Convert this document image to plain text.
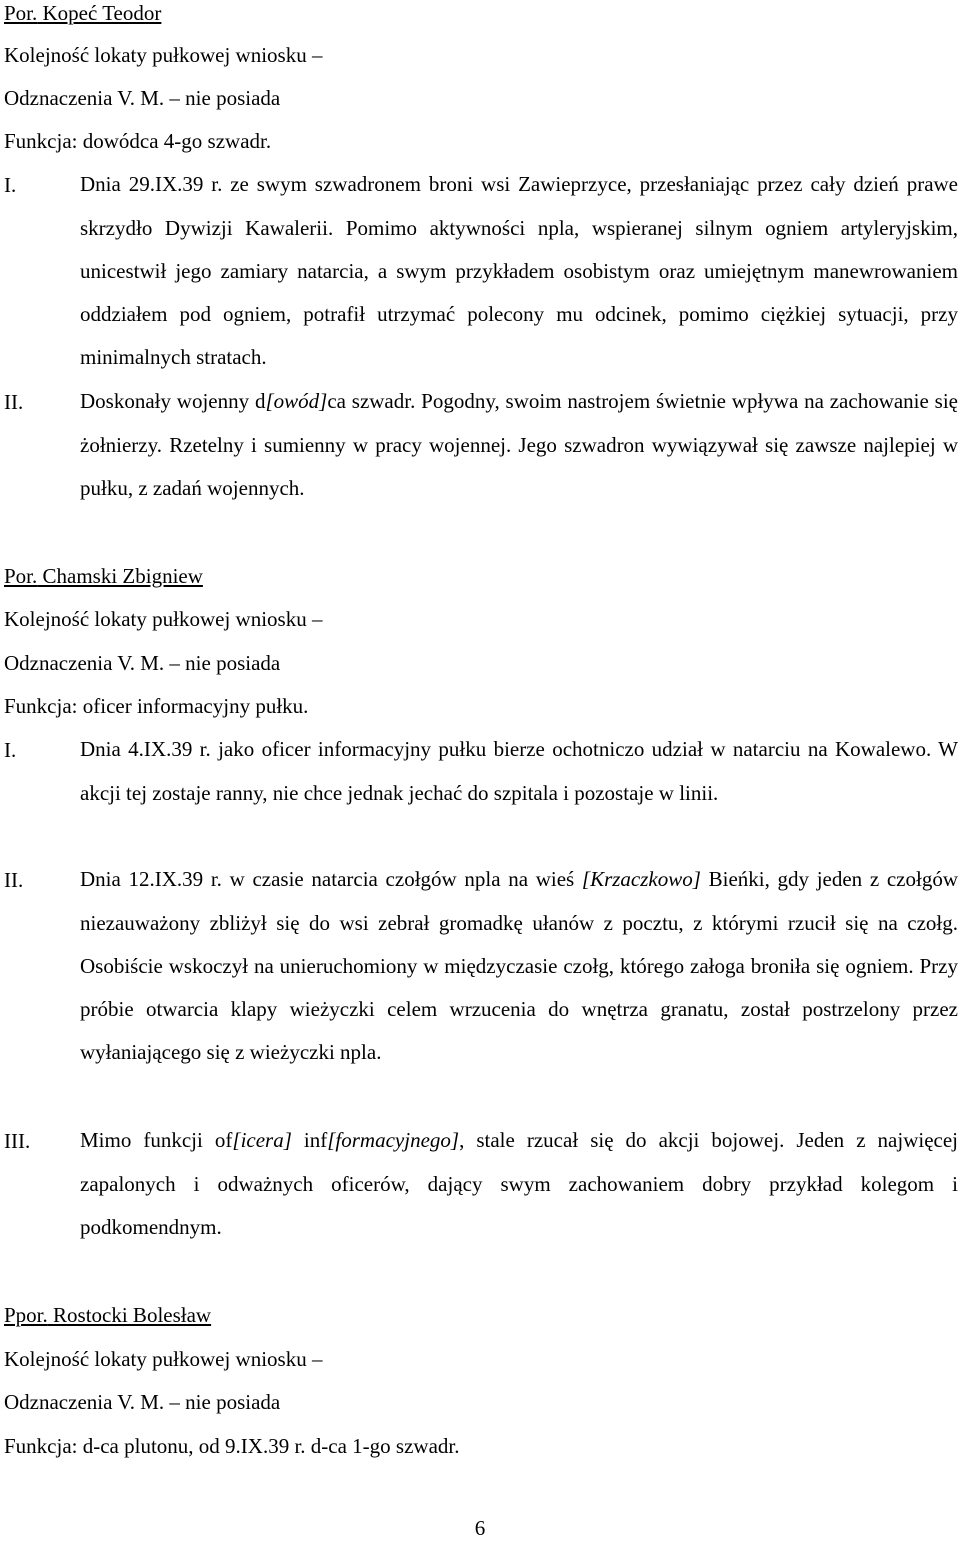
Por. Kopeć Teodor
Kolejność lokaty pułkowej wniosku –
Odznaczenia V. M. – nie posiada
Funkcja: dowódca 4-go szwadr.
I.	Dnia 29.IX.39 r. ze swym szwadronem broni wsi Zawieprzyce, przesłaniając przez cały dzień prawe skrzydło Dywizji Kawalerii. Pomimo aktywności npla, wspieranej silnym ogniem artyleryjskim, unicestwił jego zamiary natarcia, a swym przykładem osobistym oraz umiejętnym manewrowaniem oddziałem pod ogniem, potrafił utrzymać polecony mu odcinek, pomimo ciężkiej sytuacji, przy minimalnych stratach.
II.	Doskonały wojenny d[owód]ca szwadr. Pogodny, swoim nastrojem świetnie wpływa na zachowanie się żołnierzy. Rzetelny i sumienny w pracy wojennej. Jego szwadron wywiązywał się zawsze najlepiej w pułku, z zadań wojennych.
Por. Chamski Zbigniew
Kolejność lokaty pułkowej wniosku –
Odznaczenia V. M. – nie posiada
Funkcja: oficer informacyjny pułku.
I.	Dnia 4.IX.39 r. jako oficer informacyjny pułku bierze ochotniczo udział w natarciu na Kowalewo. W akcji tej zostaje ranny, nie chce jednak jechać do szpitala i pozostaje w linii.
II.	Dnia 12.IX.39 r. w czasie natarcia czołgów npla na wieś [Krzaczkowo] Bieńki, gdy jeden z czołgów niezauważony zbliżył się do wsi zebrał gromadkę ułanów z pocztu, z którymi rzucił się na czołg. Osobiście wskoczył na unieruchomiony w międzyczasie czołg, którego załoga broniła się ogniem. Przy próbie otwarcia klapy wieżyczki celem wrzucenia do wnętrza granatu, został postrzelony przez wyłaniającego się z wieżyczki npla.
III.	Mimo funkcji of[icera] inf[formacyjnego], stale rzucał się do akcji bojowej. Jeden z najwięcej zapalonych i odważnych oficerów, dający swym zachowaniem dobry przykład kolegom i podkomendnym.
Ppor. Rostocki Bolesław
Kolejność lokaty pułkowej wniosku –
Odznaczenia V. M. – nie posiada
Funkcja: d-ca plutonu, od 9.IX.39 r. d-ca 1-go szwadr.
6
